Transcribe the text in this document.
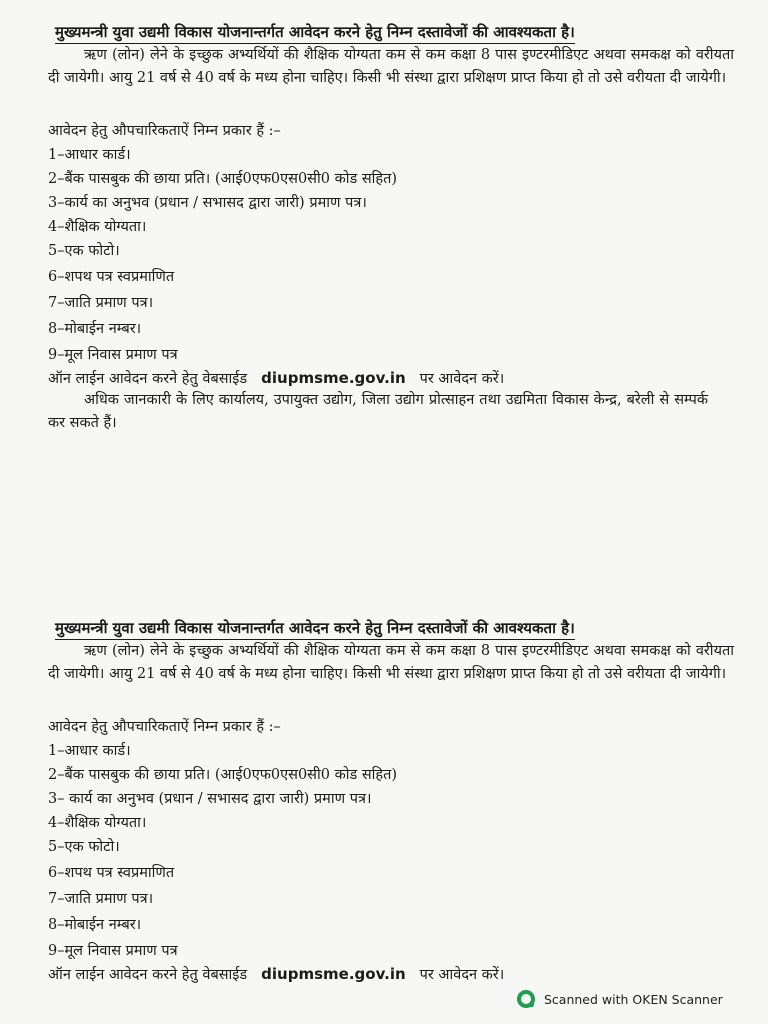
मुख्यमन्त्री युवा उद्यमी विकास योजनान्तर्गत आवेदन करने हेतु निम्न दस्तावेजों की आवश्यकता है।
ऋण (लोन) लेने के इच्छुक अभ्यर्थियों की शैक्षिक योग्यता कम से कम कक्षा 8 पास इण्टरमीडिएट अथवा समकक्ष को वरीयता दी जायेगी। आयु 21 वर्ष से 40 वर्ष के मध्य होना चाहिए। किसी भी संस्था द्वारा प्रशिक्षण प्राप्त किया हो तो उसे वरीयता दी जायेगी।
आवेदन हेतु औपचारिकताऐं निम्न प्रकार हैं :–
1–आधार कार्ड।
2–बैंक पासबुक की छाया प्रति। (आई0एफ0एस0सी0 कोड सहित)
3–कार्य का अनुभव (प्रधान / सभासद द्वारा जारी) प्रमाण पत्र।
4–शैक्षिक योग्यता।
5–एक फोटो।
6–शपथ पत्र स्वप्रमाणित
7–जाति प्रमाण पत्र।
8–मोबाईन नम्बर।
9–मूल निवास प्रमाण पत्र
ऑन लाईन आवेदन करने हेतु वेबसाईड diupmsme.gov.in पर आवेदन करें।
अधिक जानकारी के लिए कार्यालय, उपायुक्त उद्योग, जिला उद्योग प्रोत्साहन तथा उद्यमिता विकास केन्द्र, बरेली से सम्पर्क कर सकते हैं।
मुख्यमन्त्री युवा उद्यमी विकास योजनान्तर्गत आवेदन करने हेतु निम्न दस्तावेजों की आवश्यकता है।
ऋण (लोन) लेने के इच्छुक अभ्यर्थियों की शैक्षिक योग्यता कम से कम कक्षा 8 पास इण्टरमीडिएट अथवा समकक्ष को वरीयता दी जायेगी। आयु 21 वर्ष से 40 वर्ष के मध्य होना चाहिए। किसी भी संस्था द्वारा प्रशिक्षण प्राप्त किया हो तो उसे वरीयता दी जायेगी।
आवेदन हेतु औपचारिकताऐं निम्न प्रकार हैं :–
1–आधार कार्ड।
2–बैंक पासबुक की छाया प्रति। (आई0एफ0एस0सी0 कोड सहित)
3– कार्य का अनुभव (प्रधान / सभासद द्वारा जारी) प्रमाण पत्र।
4–शैक्षिक योग्यता।
5–एक फोटो।
6–शपथ पत्र स्वप्रमाणित
7–जाति प्रमाण पत्र।
8–मोबाईन नम्बर।
9–मूल निवास प्रमाण पत्र
ऑन लाईन आवेदन करने हेतु वेबसाईड diupmsme.gov.in पर आवेदन करें।
Scanned with OKEN Scanner
